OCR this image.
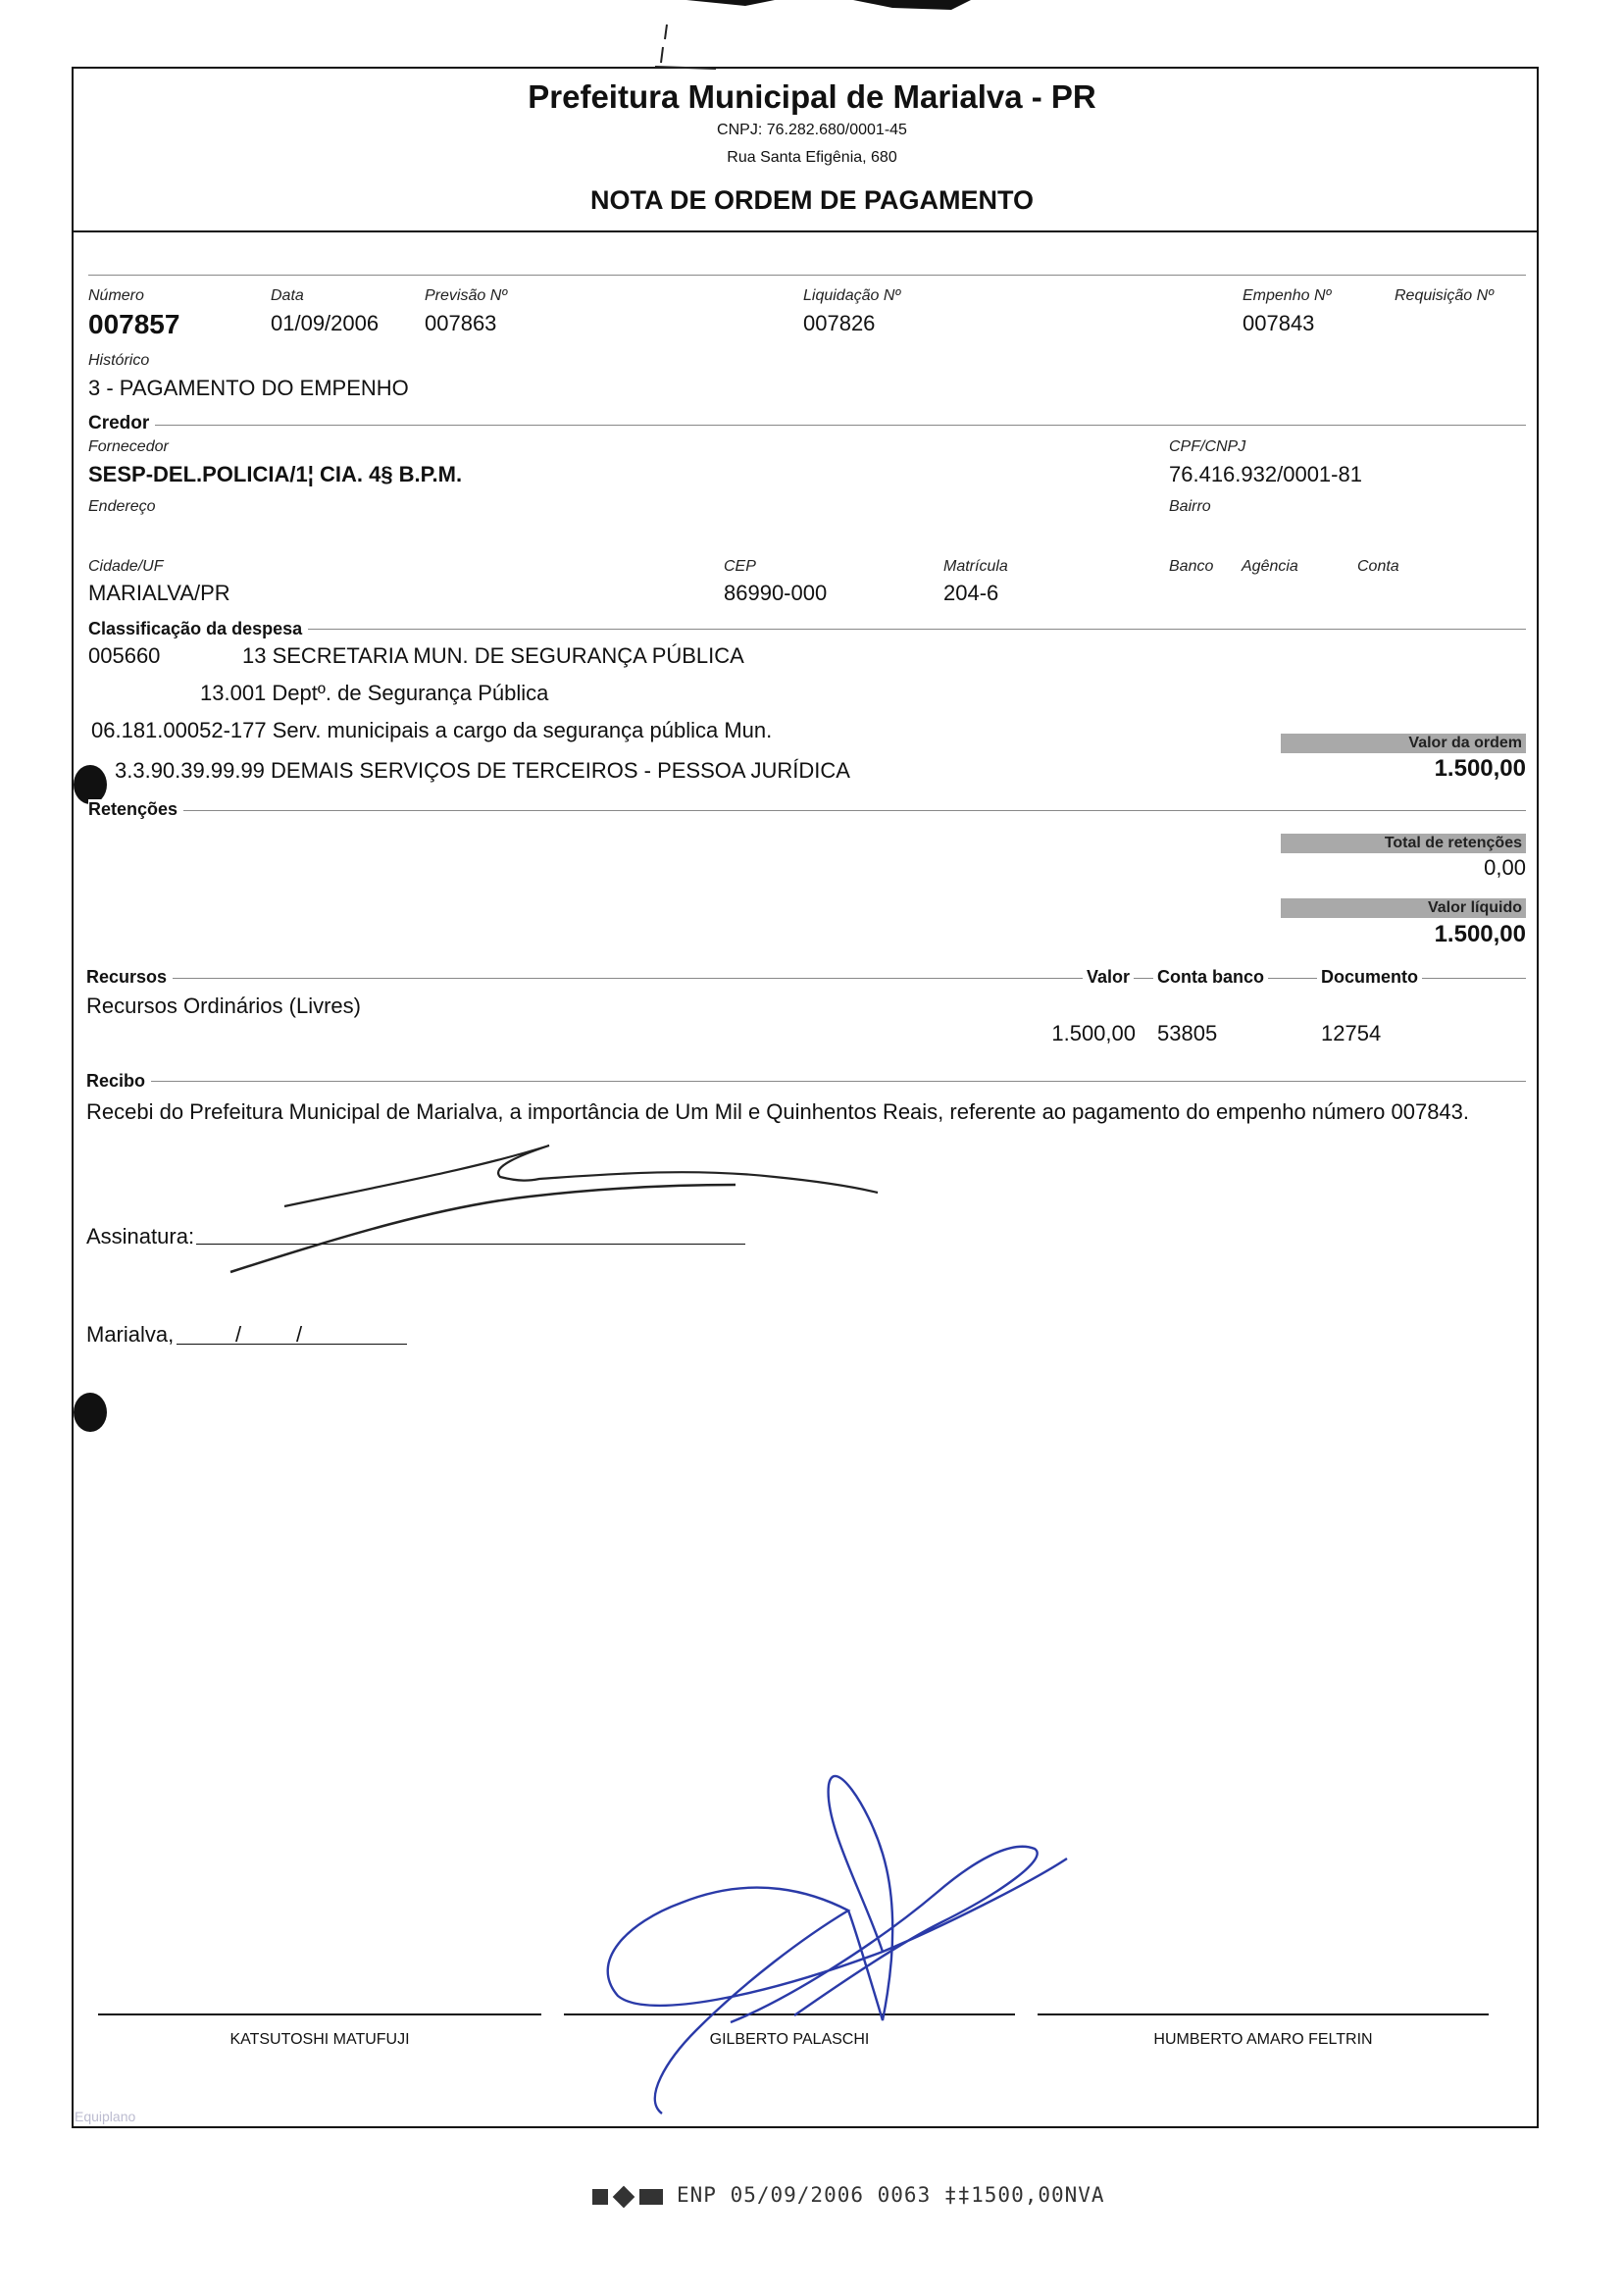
Prefeitura Municipal de Marialva - PR
CNPJ: 76.282.680/0001-45
Rua Santa Efigênia, 680
NOTA DE ORDEM DE PAGAMENTO
Número
007857
Data
01/09/2006
Previsão Nº
007863
Liquidação Nº
007826
Empenho Nº
007843
Requisição Nº
Histórico
3 - PAGAMENTO DO EMPENHO
Credor
Fornecedor
SESP-DEL.POLICIA/1¦ CIA. 4§ B.P.M.
CPF/CNPJ
76.416.932/0001-81
Endereço	Bairro
Cidade/UF
MARIALVA/PR
CEP
86990-000
Matrícula
204-6
Banco Agência	Conta
Classificação da despesa
005660	13 SECRETARIA MUN. DE SEGURANÇA PÚBLICA
13.001 Deptº. de Segurança Pública
06.181.00052-177 Serv. municipais a cargo da segurança pública Mun.
3.3.90.39.99.99 DEMAIS SERVIÇOS DE TERCEIROS - PESSOA JURÍDICA
Valor da ordem
1.500,00
Retenções
Total de retenções
0,00
Valor líquido
1.500,00
Recursos	Valor Conta banco	Documento
Recursos Ordinários (Livres)
1.500,00 53805	12754
Recibo
Recebi do Prefeitura Municipal de Marialva, a importância de Um Mil e Quinhentos Reais, referente ao pagamento do empenho número 007843.
Assinatura:
Marialva,	/	/
KATSUTOSHI MATUFUJI	GILBERTO PALASCHI	HUMBERTO AMARO FELTRIN
Equiplano
ENP 05/09/2006 0063 ‡‡1500,00NVA
